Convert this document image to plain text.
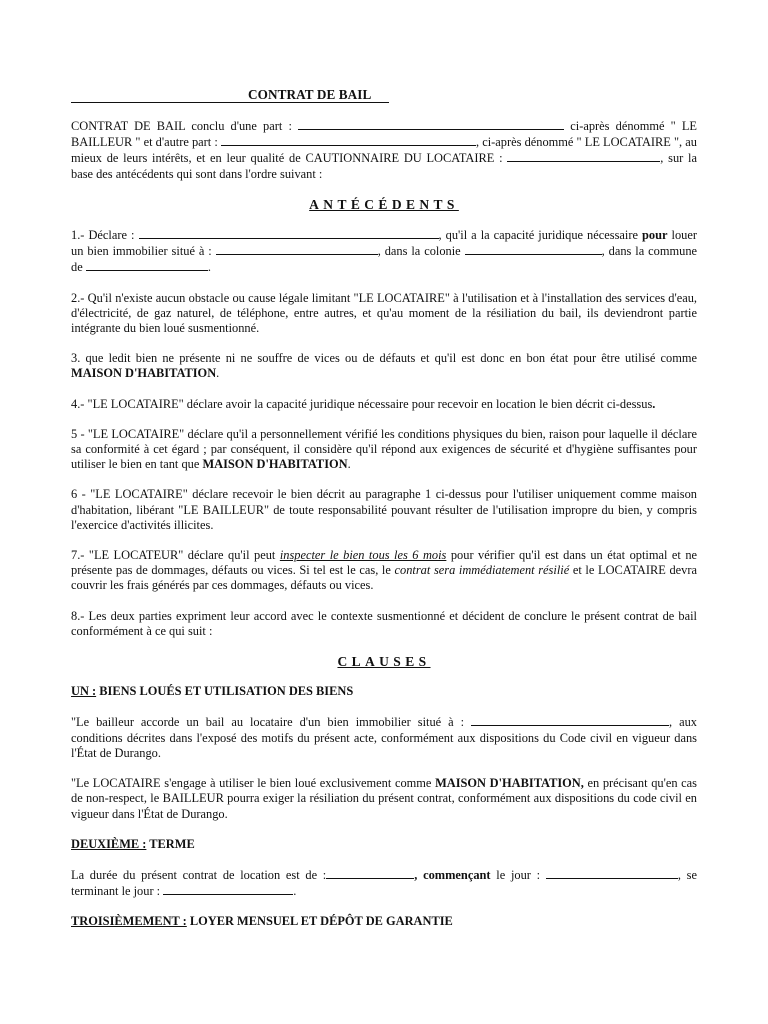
CONTRAT DE BAIL

CONTRAT DE BAIL conclu d'une part :	ci-après dénommé " LE BAILLEUR " et d'autre part :	, ci-après dénommé " LE LOCATAIRE ", au mieux de leurs intérêts, et en leur qualité de CAUTIONNAIRE DU LOCATAIRE :	, sur la base des antécédents qui sont dans l'ordre suivant :

ANTÉCÉDENTS

1.- Déclare :	, qu'il a la capacité juridique nécessaire pour louer un bien immobilier situé à :	, dans la colonie	, dans la commune de	.

2.- Qu'il n'existe aucun obstacle ou cause légale limitant "LE LOCATAIRE" à l'utilisation et à l'installation des services d'eau, d'électricité, de gaz naturel, de téléphone, entre autres, et qu'au moment de la résiliation du bail, ils deviendront partie intégrante du bien loué susmentionné.

3. que ledit bien ne présente ni ne souffre de vices ou de défauts et qu'il est donc en bon état pour être utilisé comme MAISON D'HABITATION.

4.- "LE LOCATAIRE" déclare avoir la capacité juridique nécessaire pour recevoir en location le bien décrit ci-dessus.

5 - "LE LOCATAIRE" déclare qu'il a personnellement vérifié les conditions physiques du bien, raison pour laquelle il déclare sa conformité à cet égard ; par conséquent, il considère qu'il répond aux exigences de sécurité et d'hygiène suffisantes pour utiliser le bien en tant que MAISON D'HABITATION.

6 - "LE LOCATAIRE" déclare recevoir le bien décrit au paragraphe 1 ci-dessus pour l'utiliser uniquement comme maison d'habitation, libérant "LE BAILLEUR" de toute responsabilité pouvant résulter de l'utilisation impropre du bien, y compris l'exercice d'activités illicites.

7.- "LE LOCATEUR" déclare qu'il peut inspecter le bien tous les 6 mois pour vérifier qu'il est dans un état optimal et ne présente pas de dommages, défauts ou vices. Si tel est le cas, le contrat sera immédiatement résilié et le LOCATAIRE devra couvrir les frais générés par ces dommages, défauts ou vices.

8.- Les deux parties expriment leur accord avec le contexte susmentionné et décident de conclure le présent contrat de bail conformément à ce qui suit :

CLAUSES
UN : BIENS LOUÉS ET UTILISATION DES BIENS

"Le bailleur accorde un bail au locataire d'un bien immobilier situé à :	, aux conditions décrites dans l'exposé des motifs du présent acte, conformément aux dispositions du Code civil en vigueur dans l'État de Durango.

"Le LOCATAIRE s'engage à utiliser le bien loué exclusivement comme MAISON D'HABITATION, en précisant qu'en cas de non-respect, le BAILLEUR pourra exiger la résiliation du présent contrat, conformément aux dispositions du code civil en vigueur dans l'État de Durango.

DEUXIÈME : TERME

La durée du présent contrat de location est de :	, commençant le jour :	, se terminant le jour :	.

TROISIÈMEMENT : LOYER MENSUEL ET DÉPÔT DE GARANTIE
